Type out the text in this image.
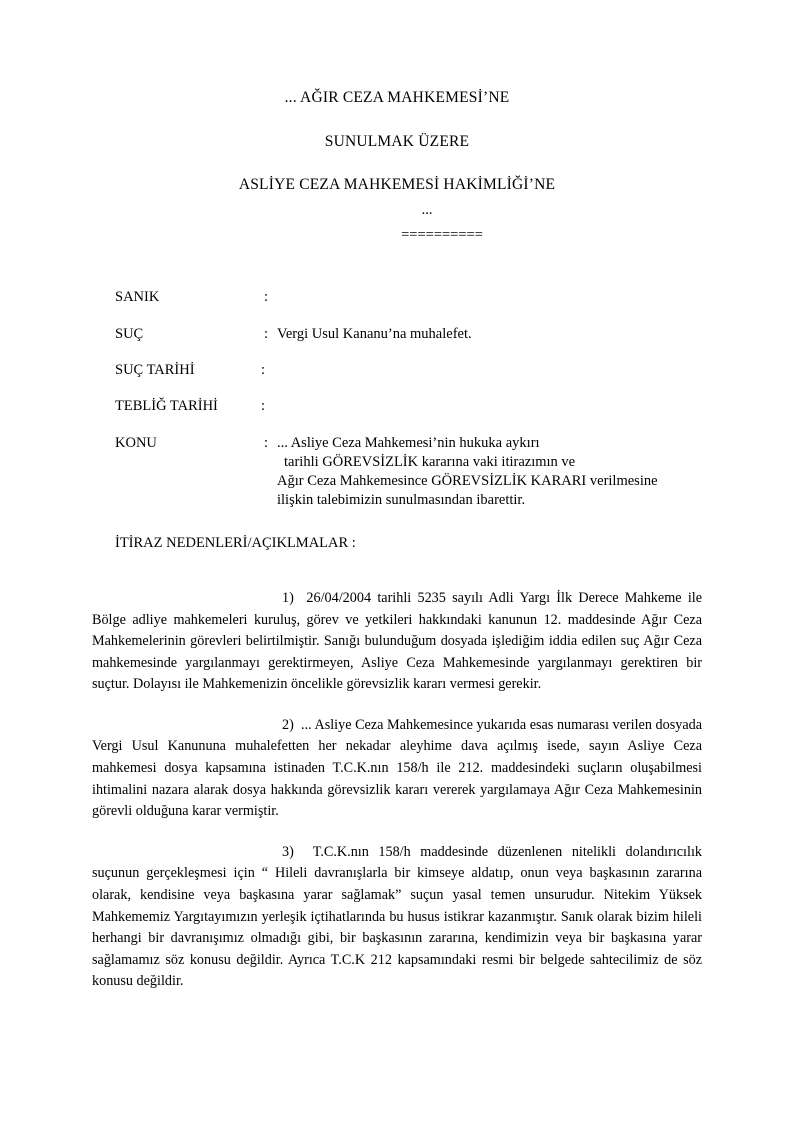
... AĞIR CEZA MAHKEMESİ’NE

SUNULMAK ÜZERE

ASLİYE CEZA MAHKEMESİ HAKİMLİĞİ’NE

...

==========

SANIK	:
SUÇ	: Vergi Usul Kananu’na muhalefet.
SUÇ TARİHİ	:
TEBLİĞ TARİHİ	:
KONU	: ... Asliye Ceza Mahkemesi’nin hukuka aykırı
tarihli GÖREVSİZLİK kararına vaki itirazımın ve
Ağır Ceza Mahkemesince GÖREVSİZLİK KARARI verilmesine
ilişkin talebimizin sunulmasından ibarettir.
İTİRAZ NEDENLERİ/AÇIKLMALAR :

1) 26/04/2004 tarihli 5235 sayılı Adli Yargı İlk Derece Mahkeme ile Bölge adliye mahkemeleri kuruluş, görev ve yetkileri hakkındaki kanunun 12. maddesinde Ağır Ceza Mahkemelerinin görevleri belirtilmiştir. Sanığı bulunduğum dosyada işlediğim iddia edilen suç Ağır Ceza mahkemesinde yargılanmayı gerektirmeyen, Asliye Ceza Mahkemesinde yargılanmayı gerektiren bir suçtur. Dolayısı ile Mahkemenizin öncelikle görevsizlik kararı vermesi gerekir.

2) ... Asliye Ceza Mahkemesince yukarıda esas numarası verilen dosyada Vergi Usul Kanununa muhalefetten her nekadar aleyhime dava açılmış isede, sayın Asliye Ceza mahkemesi dosya kapsamına istinaden T.C.K.nın 158/h ile 212. maddesindeki suçların oluşabilmesi ihtimalini nazara alarak dosya hakkında görevsizlik kararı vererek yargılamaya Ağır Ceza Mahkemesinin görevli olduğuna karar vermiştir.

3) T.C.K.nın 158/h maddesinde düzenlenen nitelikli dolandırıcılık suçunun gerçekleşmesi için “ Hileli davranışlarla bir kimseye aldatıp, onun veya başkasının zararına olarak, kendisine veya başkasına yarar sağlamak” suçun yasal temen unsurudur. Nitekim Yüksek Mahkememiz Yargıtayımızın yerleşik içtihatlarında bu husus istikrar kazanmıştır. Sanık olarak bizim hileli herhangi bir davranışımız olmadığı gibi, bir başkasının zararına, kendimizin veya bir başkasına yarar sağlamamız söz konusu değildir. Ayrıca T.C.K 212 kapsamındaki resmi bir belgede sahtecilimiz de söz konusu değildir.
